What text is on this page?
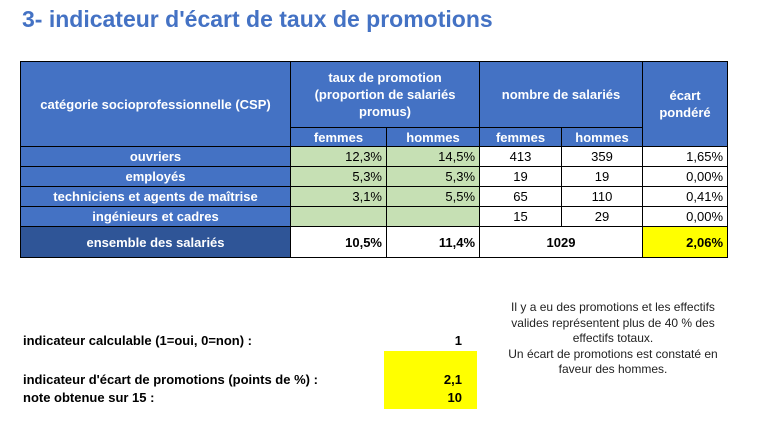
3- indicateur d'écart de taux de promotions
catégorie socioprofessionnelle (CSP)	taux de promotion (proportion de salariés promus)		nombre de salariés		écart pondéré
	femmes	hommes	femmes	hommes	
ouvriers	12,3%	14,5%	413	359	1,65%
employés	5,3%	5,3%	19	19	0,00%
techniciens et agents de maîtrise	3,1%	5,5%	65	110	0,41%
ingénieurs et cadres			15	29	0,00%
ensemble des salariés	10,5%	11,4%	1029		2,06%
indicateur calculable (1=oui, 0=non) :	1
indicateur d'écart de promotions (points de %) :	2,1
note obtenue sur 15 :	10
Il y a eu des promotions et les effectifs
valides représentent plus de 40 % des
effectifs totaux.
Un écart de promotions est constaté en
faveur des hommes.
